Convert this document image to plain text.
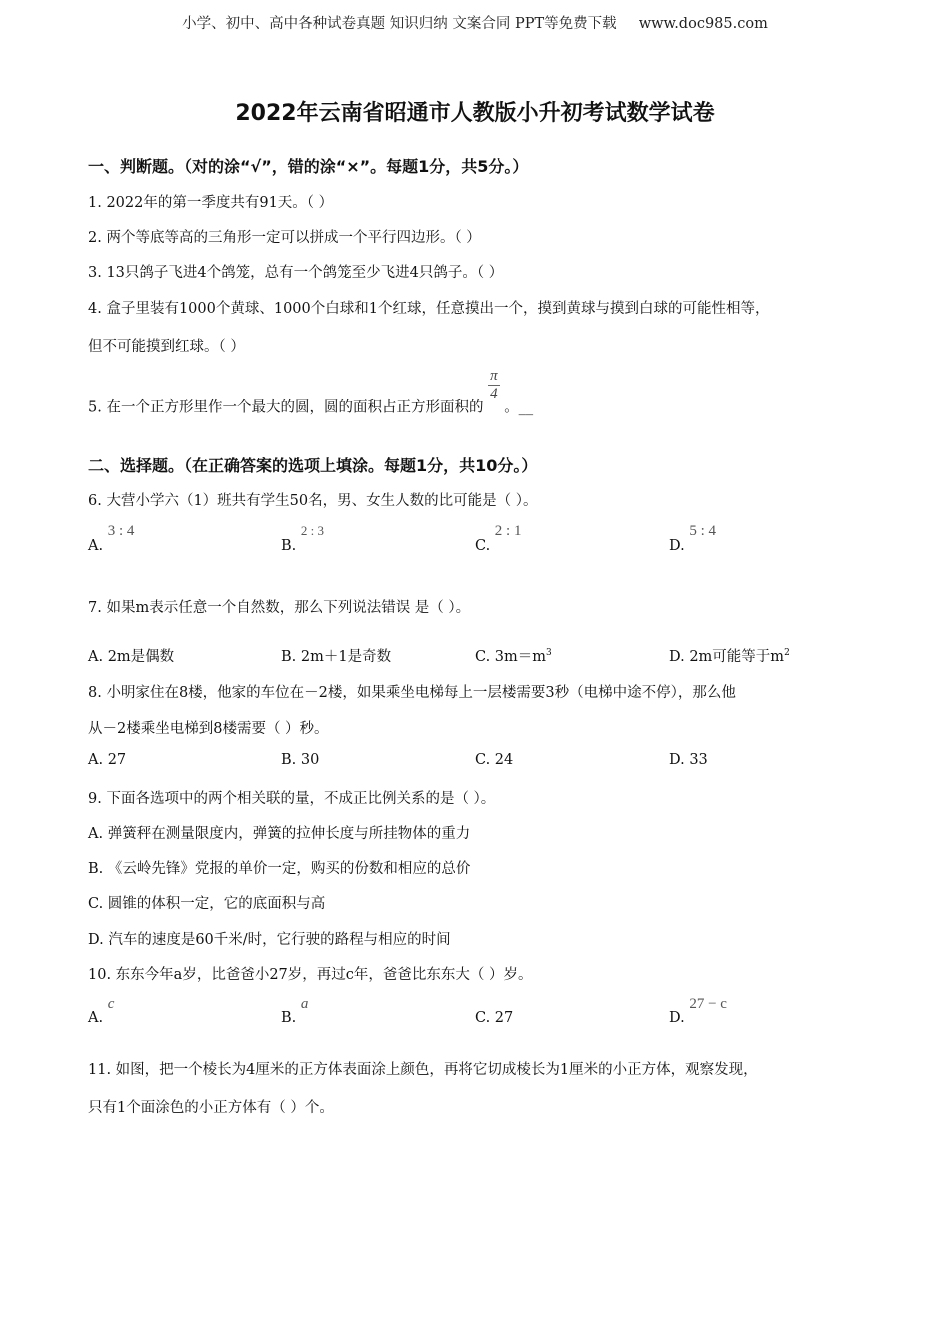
小学、初中、高中各种试卷真题 知识归纳 文案合同 PPT等免费下载 www.doc985.com
2022年云南省昭通市人教版小升初考试数学试卷
一、判断题。（对的涂“√”，错的涂“×”。每题1分，共5分。）
1. 2022年的第一季度共有91天。（ ）
2. 两个等底等高的三角形一定可以拼成一个平行四边形。（ ）
3. 13只鸽子飞进4个鸽笼，总有一个鸽笼至少飞进4只鸽子。（ ）
4. 盒子里装有1000个黄球、1000个白球和1个红球，任意摸出一个，摸到黄球与摸到白球的可能性相等，
但不可能摸到红球。（ ）
5. 在一个正方形里作一个最大的圆，圆的面积占正方形面积的
$\frac{\pi}{4}$
。__
二、选择题。（在正确答案的选项上填涂。每题1分，共10分。）
6. 大营小学六（1）班共有学生50名，男、女生人数的比可能是（ ）。
A. 3 : 4
B. 2 : 3
C. 2 : 1
D. 5 : 4
7. 如果m表示任意一个自然数，那么下列说法错误 是（ ）。
A. 2m是偶数	B. 2m＋1是奇数	C. $3m=m^3$	D. 2m可能等于$m^2$
8. 小明家住在8楼，他家的车位在－2楼，如果乘坐电梯每上一层楼需要3秒（电梯中途不停），那么他
从－2楼乘坐电梯到8楼需要（ ）秒。
A. 27	B. 30	C. 24	D. 33
9. 下面各选项中的两个相关联的量，不成正比例关系的是（ ）。
A. 弹簧秤在测量限度内，弹簧的拉伸长度与所挂物体的重力
B. 《云岭先锋》党报的单价一定，购买的份数和相应的总价
C. 圆锥的体积一定，它的底面积与高
D. 汽车的速度是60千米/时，它行驶的路程与相应的时间
10. 东东今年a岁，比爸爸小27岁，再过c年，爸爸比东东大（ ）岁。
A. c
B. a
C. 27	D. 27 − c
11. 如图，把一个棱长为4厘米的正方体表面涂上颜色，再将它切成棱长为1厘米的小正方体，观察发现，
只有1个面涂色的小正方体有（ ）个。
